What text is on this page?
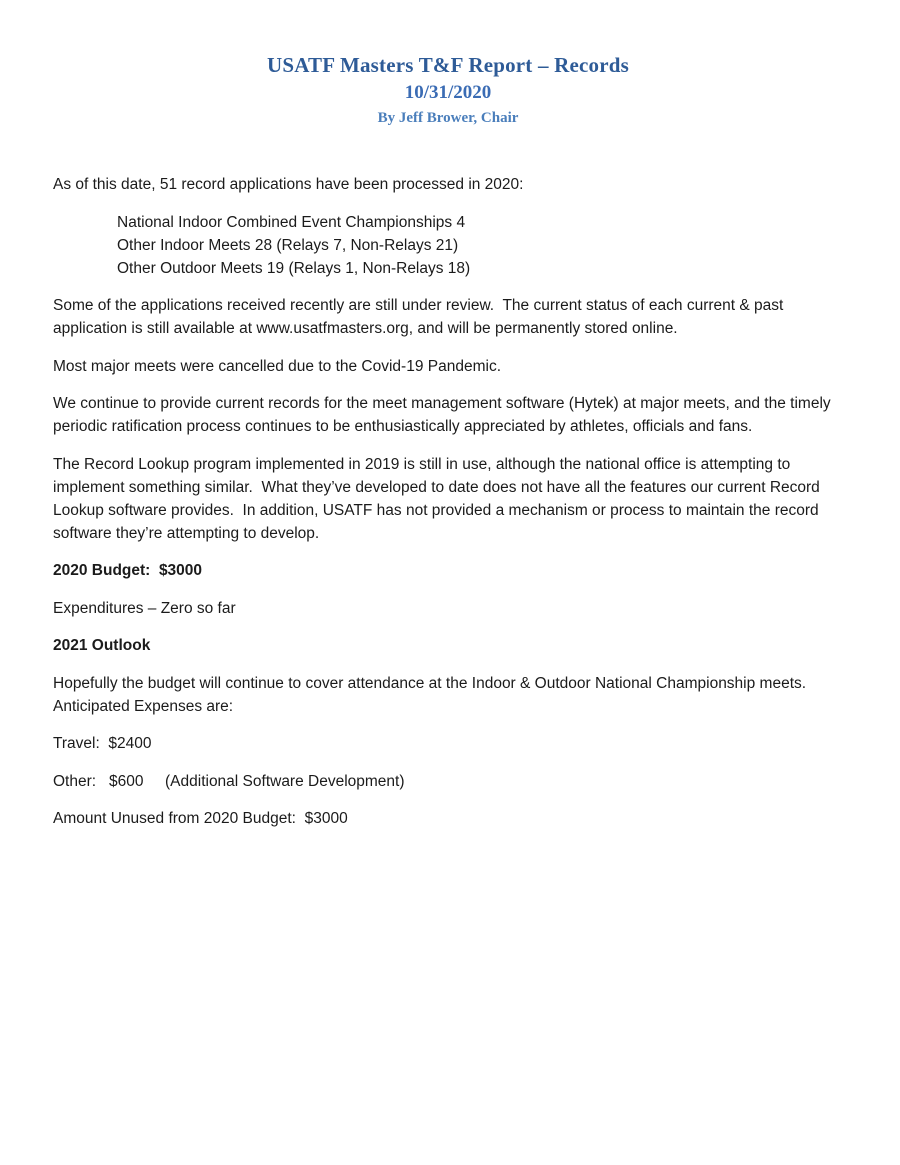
USATF Masters T&F Report – Records
10/31/2020
By Jeff Brower, Chair

As of this date, 51 record applications have been processed in 2020:

National Indoor Combined Event Championships 4
Other Indoor Meets 28 (Relays 7, Non-Relays 21)
Other Outdoor Meets 19 (Relays 1, Non-Relays 18)

Some of the applications received recently are still under review.  The current status of each current & past application is still available at www.usatfmasters.org, and will be permanently stored online.

Most major meets were cancelled due to the Covid-19 Pandemic.

We continue to provide current records for the meet management software (Hytek) at major meets, and the timely periodic ratification process continues to be enthusiastically appreciated by athletes, officials and fans.

The Record Lookup program implemented in 2019 is still in use, although the national office is attempting to implement something similar.  What they’ve developed to date does not have all the features our current Record Lookup software provides.  In addition, USATF has not provided a mechanism or process to maintain the record software they’re attempting to develop.

2020 Budget:  $3000

Expenditures – Zero so far

2021 Outlook

Hopefully the budget will continue to cover attendance at the Indoor & Outdoor National Championship meets.  Anticipated Expenses are:

Travel:  $2400

Other:   $600     (Additional Software Development)

Amount Unused from 2020 Budget:  $3000
